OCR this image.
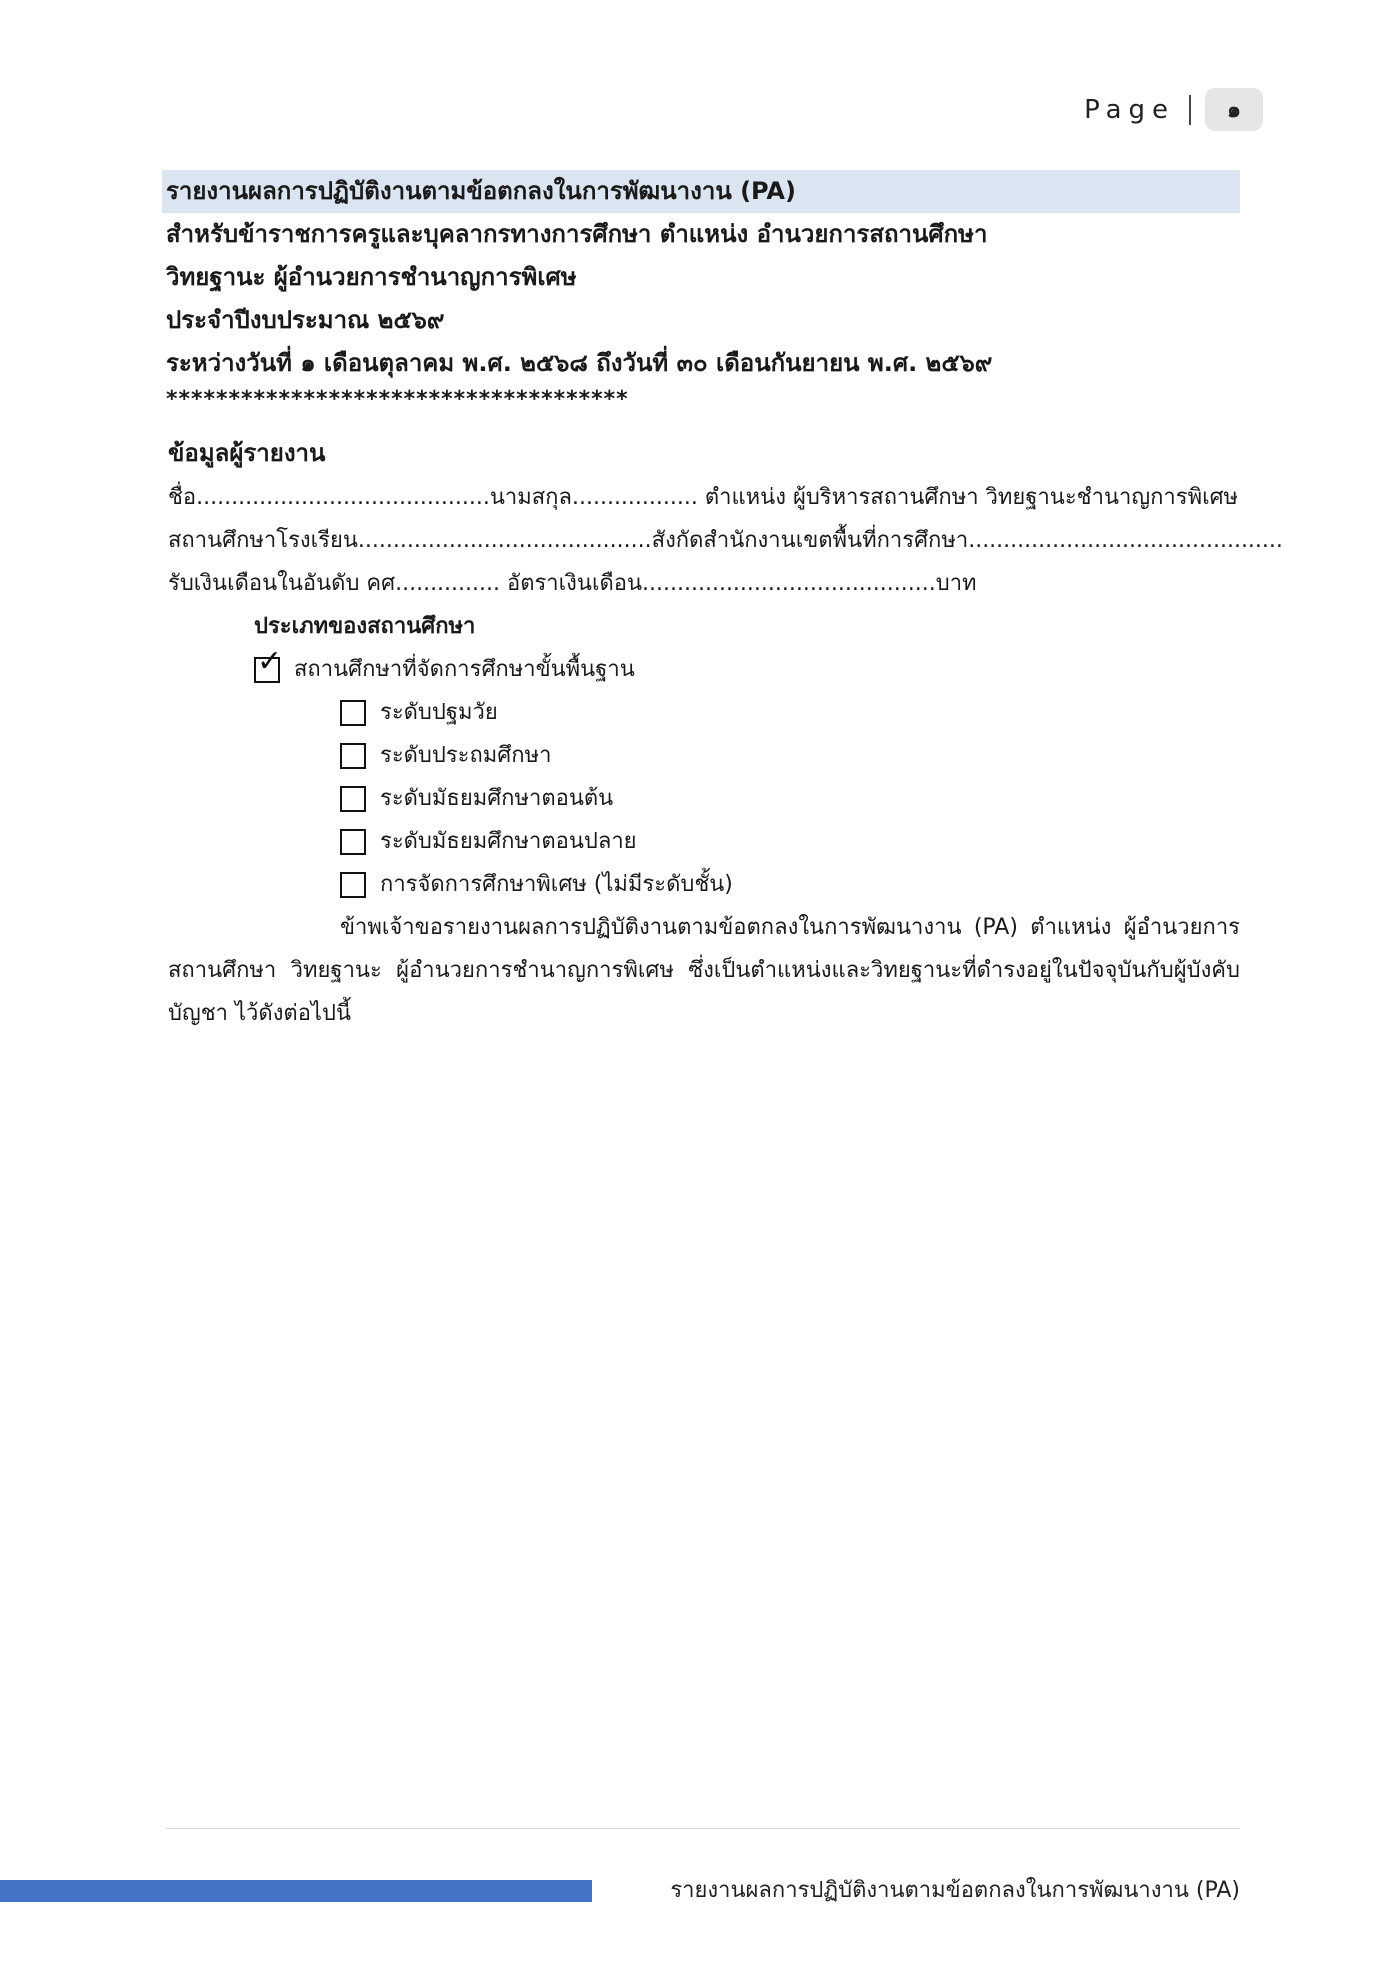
Page	๑
รายงานผลการปฏิบัติงานตามข้อตกลงในการพัฒนางาน (PA)
สำหรับข้าราชการครูและบุคลากรทางการศึกษา ตำแหน่ง อำนวยการสถานศึกษา
วิทยฐานะ ผู้อำนวยการชำนาญการพิเศษ
ประจำปีงบประมาณ ๒๕๖๙
ระหว่างวันที่ ๑ เดือนตุลาคม พ.ศ. ๒๕๖๘ ถึงวันที่ ๓๐ เดือนกันยายน พ.ศ. ๒๕๖๙
*************************************
ข้อมูลผู้รายงาน
ชื่อ..........................................นามสกุล.................. ตำแหน่ง ผู้บริหารสถานศึกษา วิทยฐานะชำนาญการพิเศษ
สถานศึกษาโรงเรียน..........................................สังกัดสำนักงานเขตพื้นที่การศึกษา.............................................
รับเงินเดือนในอันดับ คศ............... อัตราเงินเดือน..........................................บาท
ประเภทของสถานศึกษา
✓ สถานศึกษาที่จัดการศึกษาขั้นพื้นฐาน
ระดับปฐมวัย
ระดับประถมศึกษา
ระดับมัธยมศึกษาตอนต้น
ระดับมัธยมศึกษาตอนปลาย
การจัดการศึกษาพิเศษ (ไม่มีระดับชั้น)
ข้าพเจ้าขอรายงานผลการปฏิบัติงานตามข้อตกลงในการพัฒนางาน (PA) ตำแหน่ง ผู้อำนวยการสถานศึกษา วิทยฐานะ ผู้อำนวยการชำนาญการพิเศษ ซึ่งเป็นตำแหน่งและวิทยฐานะที่ดำรงอยู่ในปัจจุบันกับผู้บังคับบัญชา ไว้ดังต่อไปนี้
รายงานผลการปฏิบัติงานตามข้อตกลงในการพัฒนางาน (PA)
